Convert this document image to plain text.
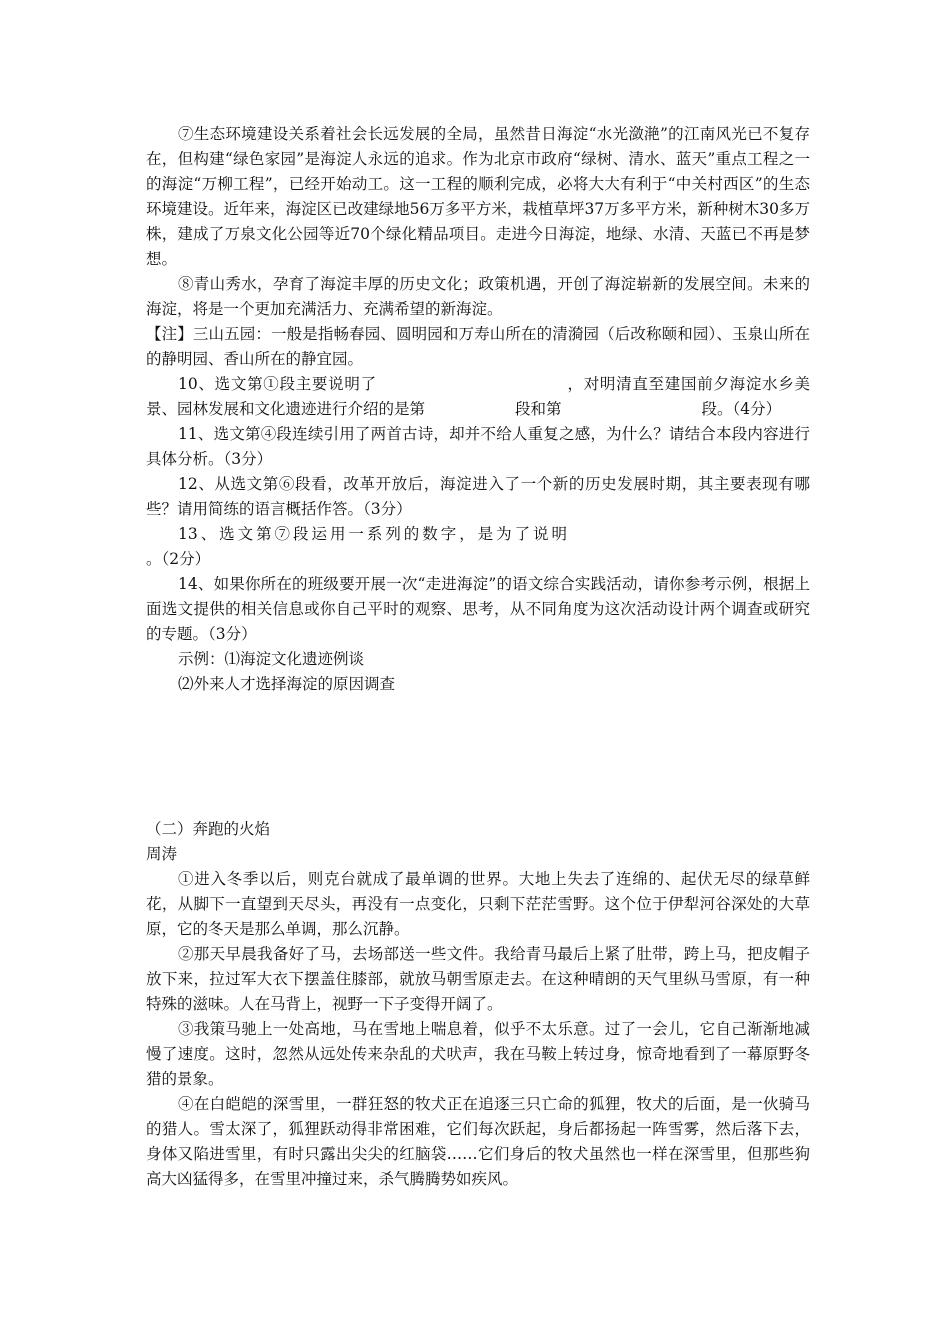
⑦生态环境建设关系着社会长远发展的全局，虽然昔日海淀“水光潋滟”的江南风光已不复存在，但构建“绿色家园”是海淀人永远的追求。作为北京市政府“绿树、清水、蓝天”重点工程之一的海淀“万柳工程”，已经开始动工。这一工程的顺利完成，必将大大有利于“中关村西区”的生态环境建设。近年来，海淀区已改建绿地56万多平方米，栽植草坪37万多平方米，新种树木30多万株，建成了万泉文化公园等近70个绿化精品项目。走进今日海淀，地绿、水清、天蓝已不再是梦想。

⑧青山秀水，孕育了海淀丰厚的历史文化；政策机遇，开创了海淀崭新的发展空间。未来的海淀，将是一个更加充满活力、充满希望的新海淀。

【注】三山五园：一般是指畅春园、圆明园和万寿山所在的清漪园（后改称颐和园）、玉泉山所在的静明园、香山所在的静宜园。

10、选文第①段主要说明了	，对明清直至建国前夕海淀水乡美景、园林发展和文化遗迹进行介绍的是第	段和第	段。（4分）

11、选文第④段连续引用了两首古诗，却并不给人重复之感，为什么？请结合本段内容进行具体分析。（3分）

12、从选文第⑥段看，改革开放后，海淀进入了一个新的历史发展时期，其主要表现有哪些？请用简练的语言概括作答。（3分）

13、选文第⑦段运用一系列的数字，是为了说明。（2分）

14、如果你所在的班级要开展一次“走进海淀”的语文综合实践活动，请你参考示例，根据上面选文提供的相关信息或你自己平时的观察、思考，从不同角度为这次活动设计两个调查或研究的专题。（3分）

示例：⑴海淀文化遗迹例谈

⑵外来人才选择海淀的原因调查

（二）奔跑的火焰

周涛

①进入冬季以后，则克台就成了最单调的世界。大地上失去了连绵的、起伏无尽的绿草鲜花，从脚下一直望到天尽头，再没有一点变化，只剩下茫茫雪野。这个位于伊犁河谷深处的大草原，它的冬天是那么单调，那么沉静。

②那天早晨我备好了马，去场部送一些文件。我给青马最后上紧了肚带，跨上马，把皮帽子放下来，拉过军大衣下摆盖住膝部，就放马朝雪原走去。在这种晴朗的天气里纵马雪原，有一种特殊的滋味。人在马背上，视野一下子变得开阔了。

③我策马驰上一处高地，马在雪地上喘息着，似乎不太乐意。过了一会儿，它自己渐渐地减慢了速度。这时，忽然从远处传来杂乱的犬吠声，我在马鞍上转过身，惊奇地看到了一幕原野冬猎的景象。

④在白皑皑的深雪里，一群狂怒的牧犬正在追逐三只亡命的狐狸，牧犬的后面，是一伙骑马的猎人。雪太深了，狐狸跃动得非常困难，它们每次跃起，身后都扬起一阵雪雾，然后落下去，身体又陷进雪里，有时只露出尖尖的红脑袋……它们身后的牧犬虽然也一样在深雪里，但那些狗高大凶猛得多，在雪里冲撞过来，杀气腾腾势如疾风。
